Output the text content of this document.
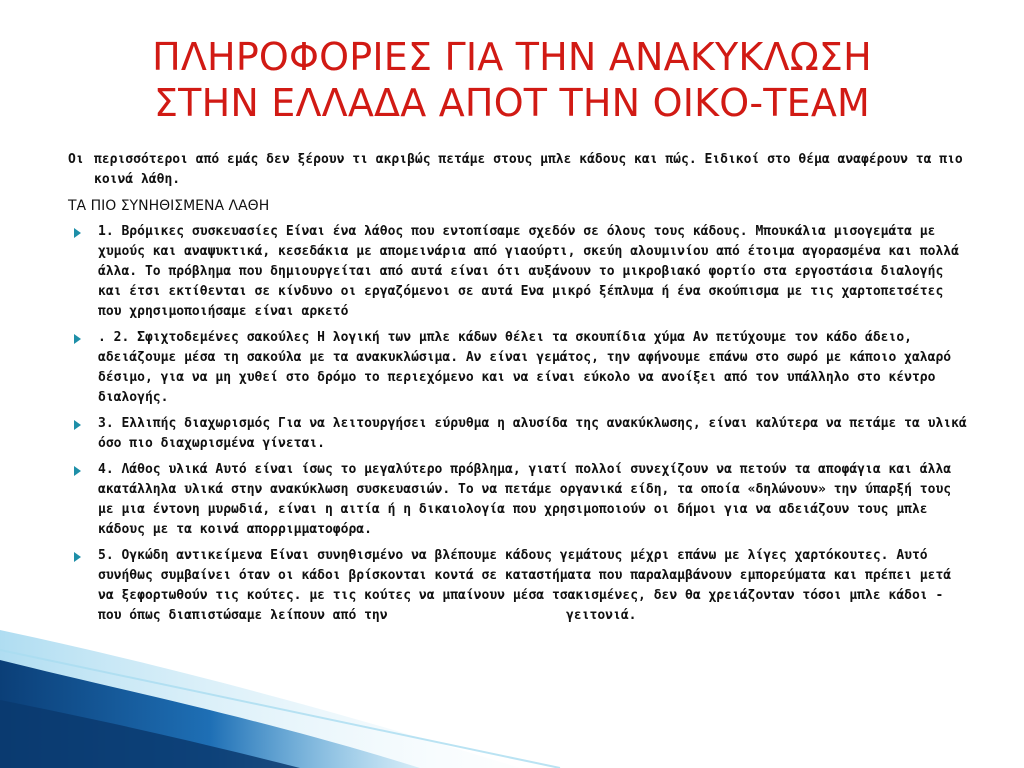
ΠΛΗΡΟΦΟΡΙΕΣ ΓΙΑ ΤΗΝ ΑΝΑΚΥΚΛΩΣΗ
ΣΤΗΝ ΕΛΛΑΔΑ ΑΠΟΤ ΤΗΝ ΟΙΚΟ-TEAM

Οι περισσότεροι από εμάς δεν ξέρουν τι ακριβώς πετάμε στους μπλε κάδους και πώς. Ειδικοί στο θέμα αναφέρουν τα πιο κοινά λάθη.

ΤΑ ΠΙΟ ΣΥΝΗΘΙΣΜΕΝΑ ΛΑΘΗ

1. Βρόμικες συσκευασίες Είναι ένα λάθος που εντοπίσαμε σχεδόν σε όλους τους κάδους. Μπουκάλια μισογεμάτα με χυμούς και αναψυκτικά, κεσεδάκια με απομεινάρια από γιαούρτι, σκεύη αλουμινίου από έτοιμα αγορασμένα και πολλά άλλα. Το πρόβλημα που δημιουργείται από αυτά είναι ότι αυξάνουν το μικροβιακό φορτίο στα εργοστάσια διαλογής και έτσι εκτίθενται σε κίνδυνο οι εργαζόμενοι σε αυτά Ενα μικρό ξέπλυμα ή ένα σκούπισμα με τις χαρτοπετσέτες που χρησιμοποιήσαμε είναι αρκετό
. 2. Σφιχτοδεμένες σακούλες Η λογική των μπλε κάδων θέλει τα σκουπίδια χύμα Αν πετύχουμε τον κάδο άδειο, αδειάζουμε μέσα τη σακούλα με τα ανακυκλώσιμα. Αν είναι γεμάτος, την αφήνουμε επάνω στο σωρό με κάποιο χαλαρό δέσιμο, για να μη χυθεί στο δρόμο το περιεχόμενο και να είναι εύκολο να ανοίξει από τον υπάλληλο στο κέντρο διαλογής.
3. Ελλιπής διαχωρισμός Για να λειτουργήσει εύρυθμα η αλυσίδα της ανακύκλωσης, είναι καλύτερα να πετάμε τα υλικά όσο πιο διαχωρισμένα γίνεται.
4. Λάθος υλικά Αυτό είναι ίσως το μεγαλύτερο πρόβλημα, γιατί πολλοί συνεχίζουν να πετούν τα αποφάγια και άλλα ακατάλληλα υλικά στην ανακύκλωση συσκευασιών. Το να πετάμε οργανικά είδη, τα οποία «δηλώνουν» την ύπαρξή τους με μια έντονη μυρωδιά, είναι η αιτία ή η δικαιολογία που χρησιμοποιούν οι δήμοι για να αδειάζουν τους μπλε κάδους με τα κοινά απορριμματοφόρα.
5. Ογκώδη αντικείμενα Είναι συνηθισμένο να βλέπουμε κάδους γεμάτους μέχρι επάνω με λίγες χαρτόκουτες. Αυτό συνήθως συμβαίνει όταν οι κάδοι βρίσκονται κοντά σε καταστήματα που παραλαμβάνουν εμπορεύματα και πρέπει μετά να ξεφορτωθούν τις κούτες. με τις κούτες να μπαίνουν μέσα τσακισμένες, δεν θα χρειάζονταν τόσοι μπλε κάδοι - που όπως διαπιστώσαμε λείπουν από την υπόλοιπη	γειτονιά.
